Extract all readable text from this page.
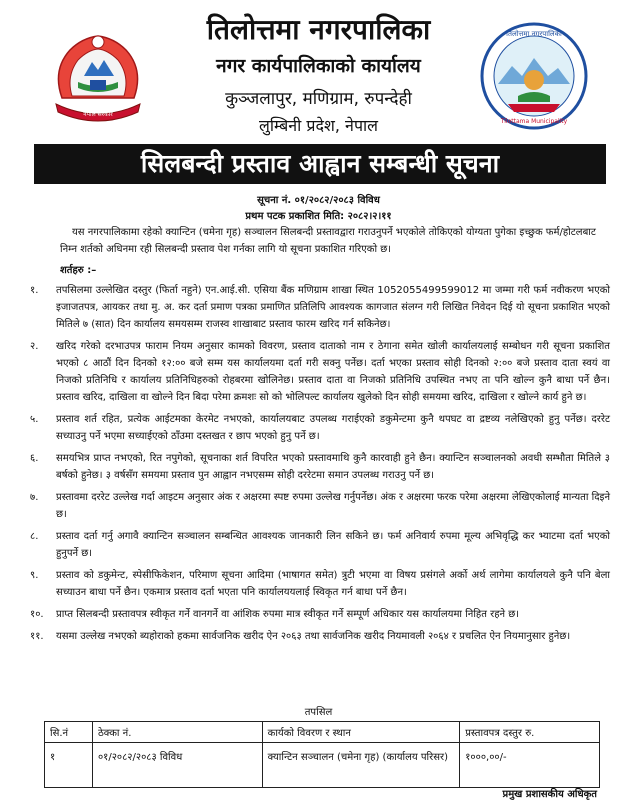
नेपाल सरकार
तिलोत्तमा नगरपालिका
नगर कार्यपालिकाको कार्यालय
कुञ्जलापुर, मणिग्राम, रुपन्देही
लुम्बिनी प्रदेश, नेपाल
तिलोत्तमा नगरपालिका
Tilottama Municipality
सिलबन्दी प्रस्ताव आह्वान सम्बन्धी सूचना
सूचना नं. ०१/२०८२/२०८३ विविध
प्रथम पटक प्रकाशित मिति: २०८२।२।११
यस नगरपालिकामा रहेको क्यान्टिन (चमेना गृह) सञ्चालन सिलबन्दी प्रस्तावद्वारा गराउनुपर्ने भएकोले तोकिएको योग्यता पुगेका इच्छुक फर्म/होटलबाट निम्न शर्तको अधिनमा रही सिलबन्दी प्रस्ताव पेश गर्नका लागि यो सूचना प्रकाशित गरिएको छ।
शर्तहरु :–
१.	तपसिलमा उल्लेखित दस्तुर (फिर्ता नहुने) एन.आई.सी. एसिया बैंक मणिग्राम शाखा स्थित 1052055499599012 मा जम्मा गरी फर्म नवीकरण भएको इजाजतपत्र, आयकर तथा मु. अ. कर दर्ता प्रमाण पत्रका प्रमाणित प्रतिलिपि आवश्यक कागजात संलग्न गरी लिखित निवेदन दिई यो सूचना प्रकाशित भएको मितिले ७ (सात) दिन कार्यालय समयसम्म राजस्व शाखाबाट प्रस्ताव फारम खरिद गर्न सकिनेछ।
२.	खरिद गरेको दरभाउपत्र फाराम नियम अनुसार कामको विवरण, प्रस्ताव दाताको नाम र ठेगाना समेत खोली कार्यालयलाई सम्बोधन गरी सूचना प्रकाशित भएको ८ आठौं दिन दिनको १२:०० बजे सम्म यस कार्यालयमा दर्ता गरी सक्नु पर्नेछ। दर्ता भएका प्रस्ताव सोही दिनको २:०० बजे प्रस्ताव दाता स्वयं वा निजको प्रतिनिधि र कार्यालय प्रतिनिधिहरुको रोहबरमा खोलिनेछ। प्रस्ताव दाता वा निजको प्रतिनिधि उपस्थित नभए ता पनि खोल्न कुनै बाधा पर्ने छैन। प्रस्ताव खरिद, दाखिला वा खोल्ने दिन बिदा परेमा क्रमशः सो को भोलिपल्ट कार्यालय खुलेको दिन सोही समयमा खरिद, दाखिला र खोल्ने कार्य हुने छ।
५.	प्रस्ताव शर्त रहित, प्रत्येक आईटमका केरमेट नभएको, कार्यालयबाट उपलब्ध गराईएको डकुमेन्टमा कुनै थपघट वा द्रष्टव्य नलेखिएको हुनु पर्नेछ। दररेट सच्याउनु पर्ने भएमा सच्याईएको ठाँउमा दस्तखत र छाप भएको हुनु पर्ने छ।
६.	समयभित्र प्राप्त नभएको, रित नपुगेको, सूचनाका शर्त विपरित भएको प्रस्तावमाथि कुनै कारवाही हुने छैन। क्यान्टिन सञ्चालनको अवधी सम्भौता मितिले ३ बर्षको हुनेछ। ३ वर्षसँग समयमा प्रस्ताव पुन आह्वान नभएसम्म सोही दररेटमा समान उपलब्ध गराउनु पर्ने छ।
७.	प्रस्तावमा दररेट उल्लेख गर्दा आइटम अनुसार अंक र अक्षरमा स्पष्ट रुपमा उल्लेख गर्नुपर्नेछ। अंक र अक्षरमा फरक परेमा अक्षरमा लेखिएकोलाई मान्यता दिइने छ।
८.	प्रस्ताव दर्ता गर्नु अगावै क्यान्टिन सञ्चालन सम्बन्धित आवश्यक जानकारी लिन सकिने छ। फर्म अनिवार्य रुपमा मूल्य अभिवृद्धि कर भ्याटमा दर्ता भएको हुनुपर्ने छ।
९.	प्रस्ताव को डकुमेन्ट, स्पेसीफिकेशन, परिमाण सूचना आदिमा (भाषागत समेत) त्रुटी भएमा वा विषय प्रसंगले अर्को अर्थ लागेमा कार्यालयले कुनै पनि बेला सच्याउन बाधा पर्ने छैन। एकमात्र प्रस्ताव दर्ता भएता पनि कार्यालययलाई स्विकृत गर्न बाधा पर्ने छैन।
१०.	प्राप्त सिलबन्दी प्रस्तावपत्र स्वीकृत गर्ने वानगर्ने वा आंशिक रुपमा मात्र स्वीकृत गर्ने सम्पूर्ण अधिकार यस कार्यालयमा निहित रहने छ।
११.	यसमा उल्लेख नभएको ब्यहोराको हकमा सार्वजनिक खरीद ऐन २०६३ तथा सार्वजनिक खरीद नियमावली २०६४ र प्रचलित ऐन नियमानुसार हुनेछ।
तपसिल
सि.नं	ठेक्का नं.	कार्यको विवरण र स्थान	प्रस्तावपत्र दस्तुर रु.
१	०१/२०८२/२०८३ विविध	क्यान्टिन सञ्चालन (चमेना गृह) (कार्यालय परिसर)	१०००,००/-
प्रमुख प्रशासकीय अधिकृत
